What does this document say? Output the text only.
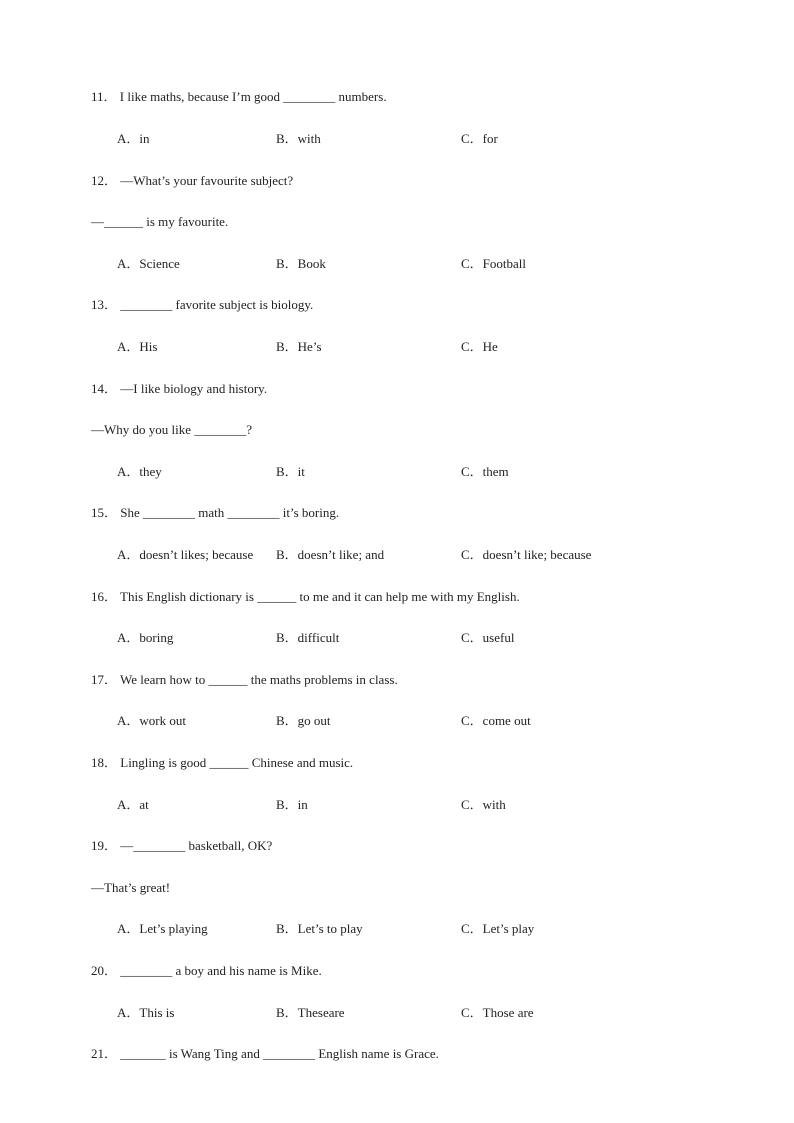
11． I like maths, because I’m good ________ numbers.
A．in	B．with	C．for
12． —What’s your favourite subject?
—______ is my favourite.
A．Science	B．Book	C．Football
13． ________ favorite subject is biology.
A．His	B．He’s	C．He
14． —I like biology and history.
—Why do you like ________?
A．they	B．it	C．them
15． She ________ math ________ it’s boring.
A．doesn’t likes; because B．doesn’t like; and	C．doesn’t like; because
16． This English dictionary is ______ to me and it can help me with my English.
A．boring	B．difficult	C．useful
17． We learn how to ______ the maths problems in class.
A．work out	B．go out	C．come out
18． Lingling is good ______ Chinese and music.
A．at	B．in	C．with
19． —________ basketball, OK?
—That’s great!
A．Let’s playing	B．Let’s to play	C．Let’s play
20． ________ a boy and his name is Mike.
A．This is	B．Theseare	C．Those are
21． _______ is Wang Ting and ________ English name is Grace.
